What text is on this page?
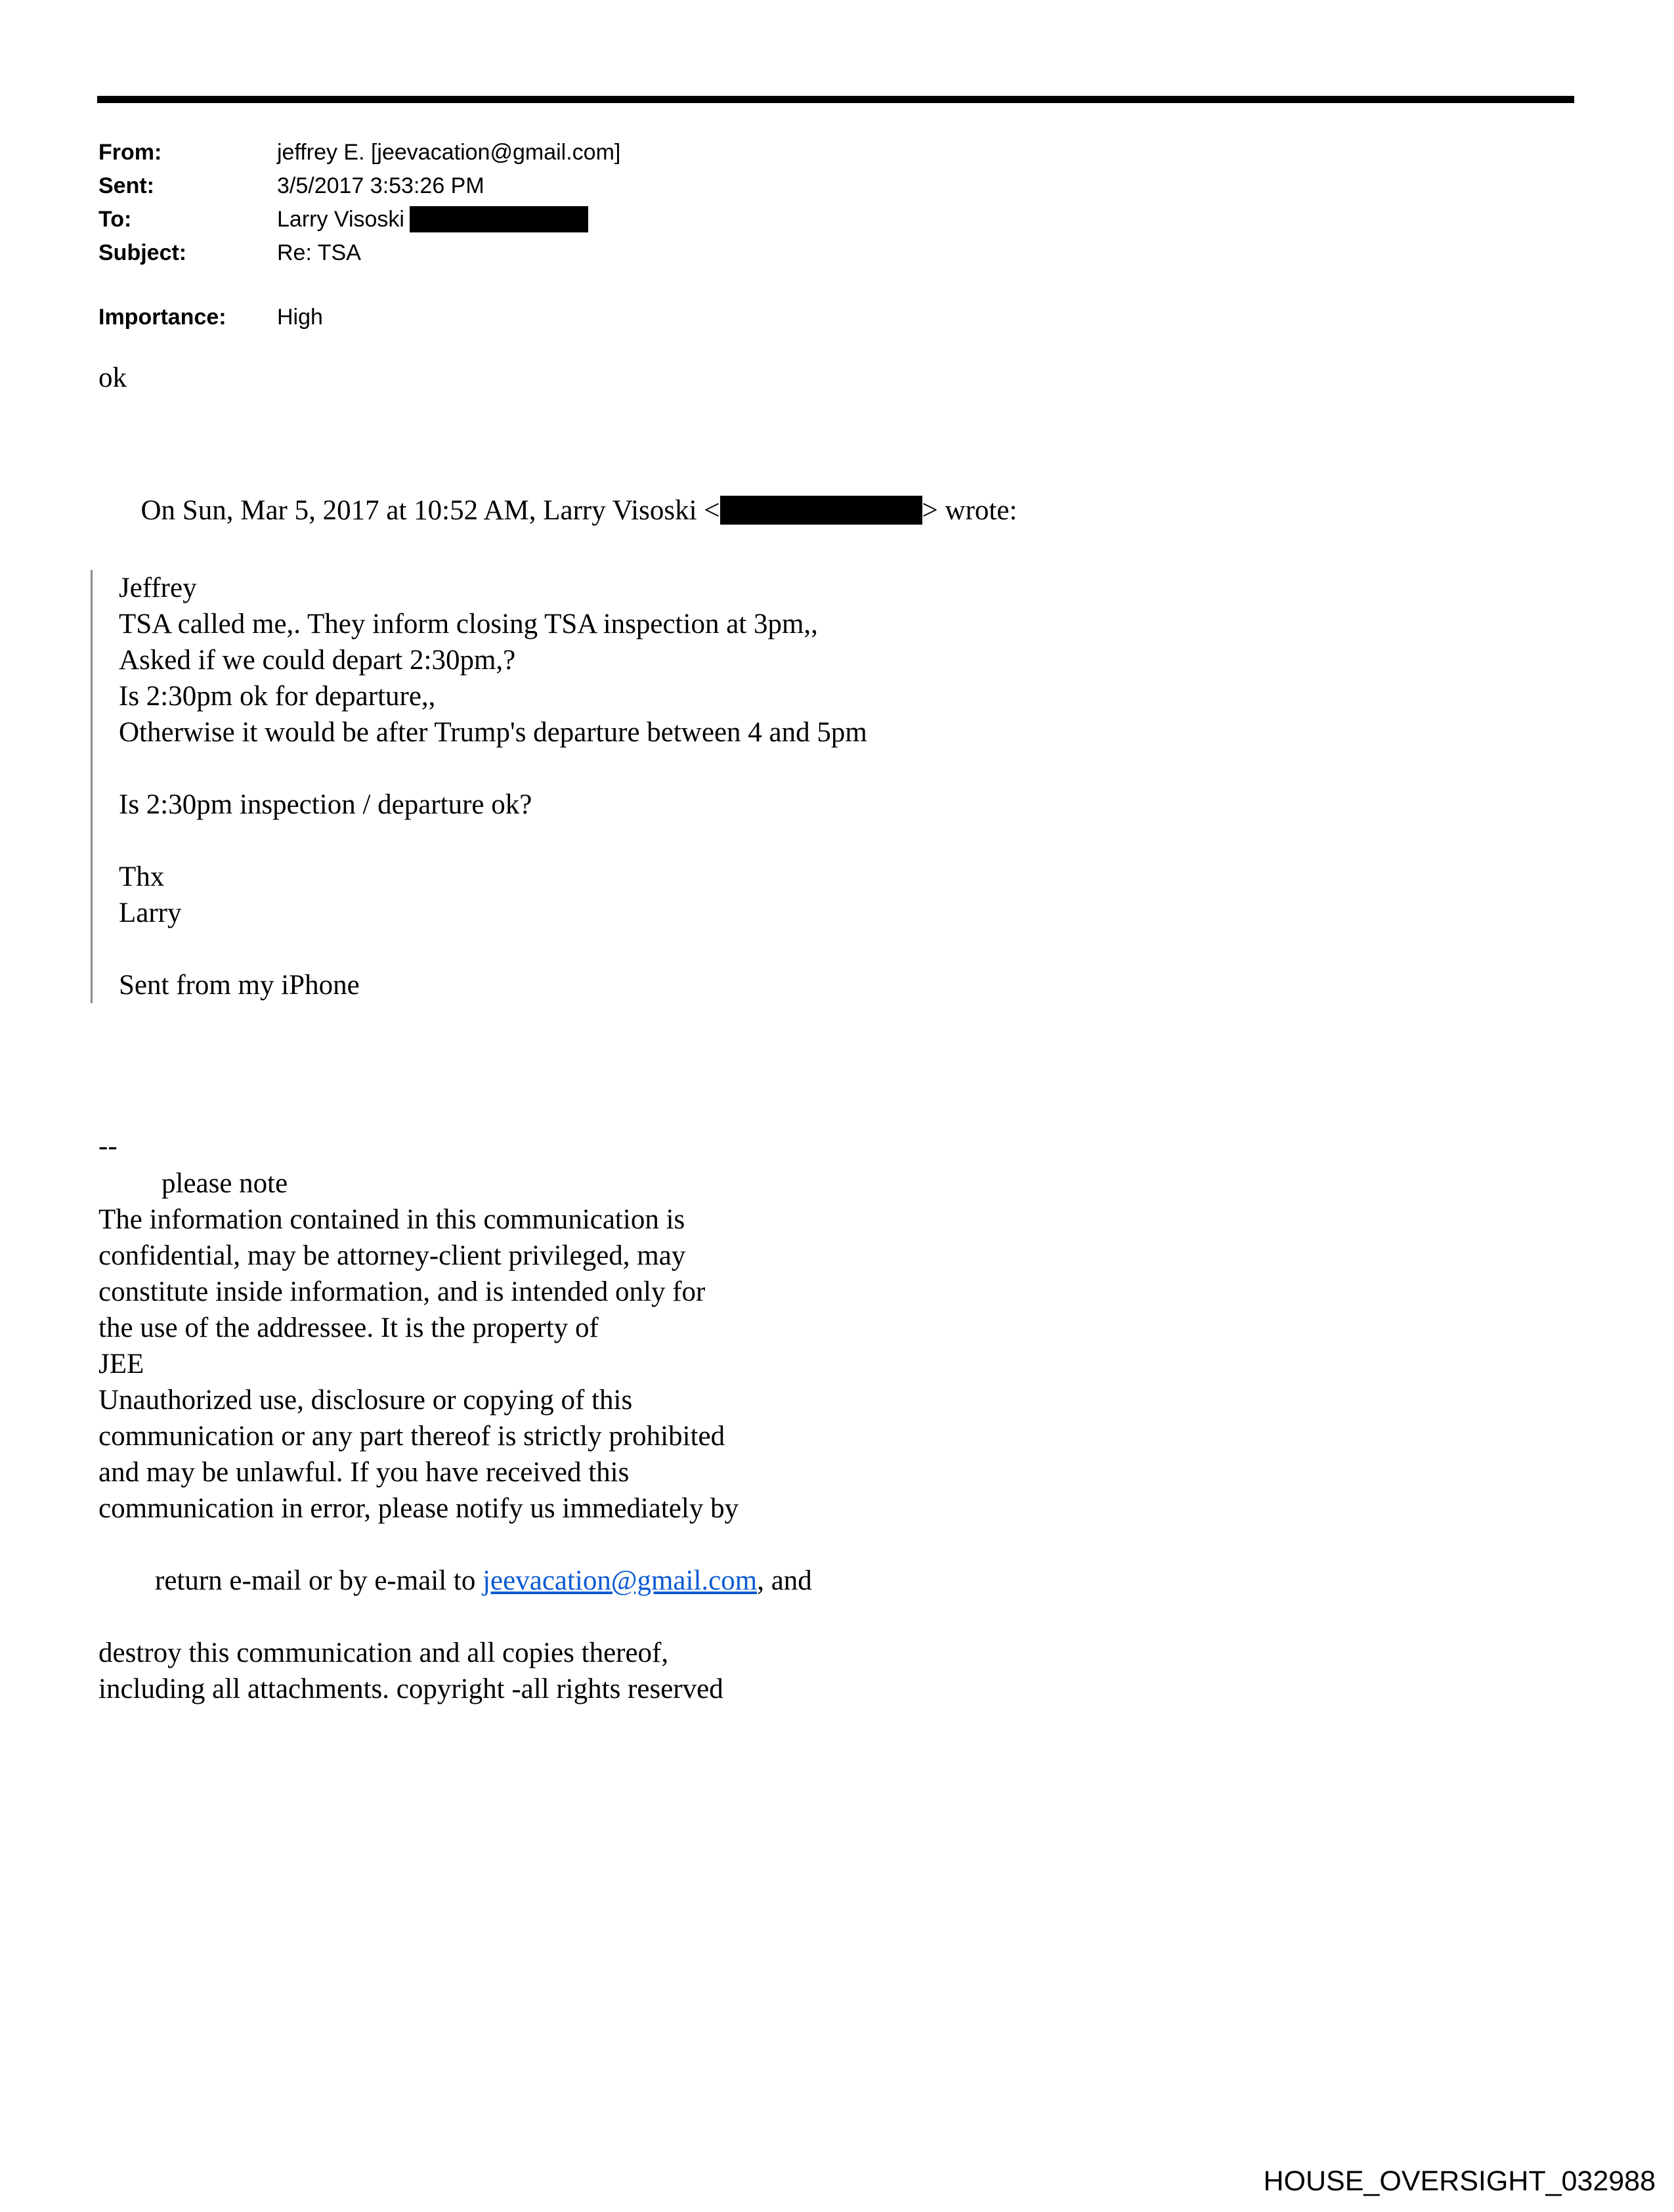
From:	jeffrey E. [jeevacation@gmail.com]
Sent:	3/5/2017 3:53:26 PM
To:	Larry Visoski
Subject:	Re: TSA
Importance:	High
ok

On Sun, Mar 5, 2017 at 10:52 AM, Larry Visoski <	> wrote:

Jeffrey
TSA called me,. They inform closing TSA inspection at 3pm,,
Asked if we could depart 2:30pm,?
Is 2:30pm ok for departure,,
Otherwise it would be after Trump's departure between 4 and 5pm
Is 2:30pm inspection / departure ok?
Thx
Larry
Sent from my iPhone
--
please note
The information contained in this communication is
confidential, may be attorney-client privileged, may
constitute inside information, and is intended only for
the use of the addressee. It is the property of
JEE
Unauthorized use, disclosure or copying of this
communication or any part thereof is strictly prohibited
and may be unlawful. If you have received this
communication in error, please notify us immediately by

return e-mail or by e-mail to jeevacation@gmail.com, and

destroy this communication and all copies thereof,
including all attachments. copyright -all rights reserved
HOUSE_OVERSIGHT_032988
